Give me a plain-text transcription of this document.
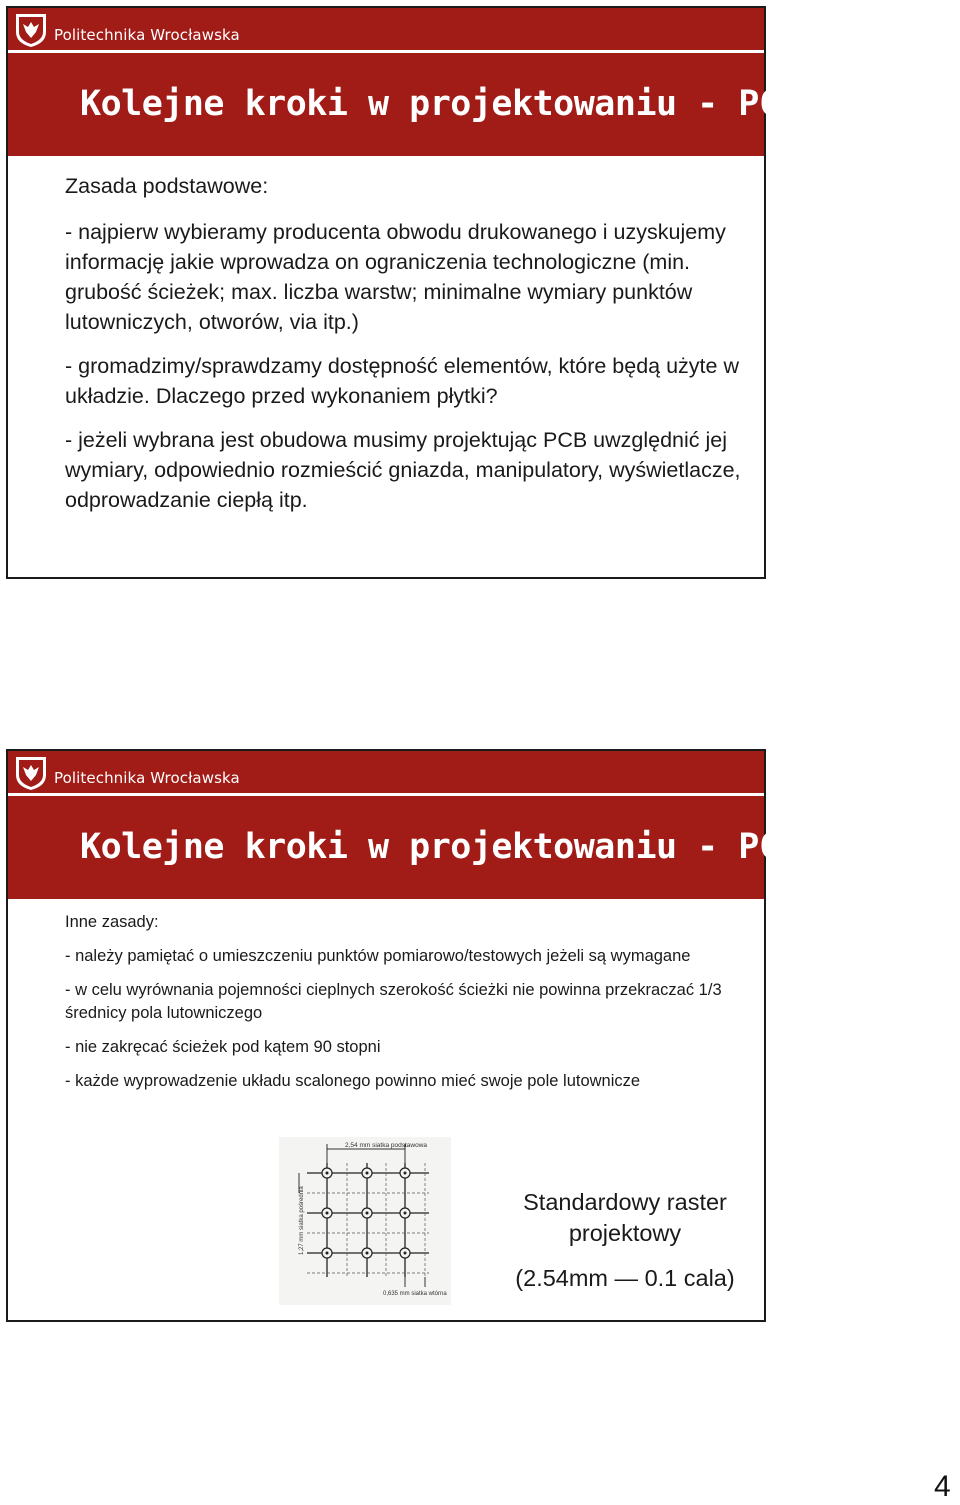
Politechnika Wrocławska
Kolejne kroki w projektowaniu - PCB

Zasada podstawowe:

- najpierw wybieramy producenta obwodu drukowanego i uzyskujemy informację jakie wprowadza on ograniczenia technologiczne (min. grubość ścieżek; max. liczba warstw; minimalne wymiary punktów lutowniczych, otworów, via itp.)

- gromadzimy/sprawdzamy dostępność elementów, które będą użyte w układzie. Dlaczego przed wykonaniem płytki?

- jeżeli wybrana jest obudowa musimy projektując PCB uwzględnić jej wymiary, odpowiednio rozmieścić gniazda, manipulatory, wyświetlacze, odprowadzanie ciepłą itp.

Politechnika Wrocławska
Kolejne kroki w projektowaniu - PCB

Inne zasady:

- należy pamiętać o umieszczeniu punktów pomiarowo/testowych jeżeli są wymagane

- w celu wyrównania pojemności cieplnych szerokość ścieżki nie powinna przekraczać 1/3 średnicy pola lutowniczego

- nie zakręcać ścieżek pod kątem 90 stopni

- każde wyprowadzenie układu scalonego powinno mieć swoje pole lutownicze

2,54 mm siatka podstawowa
1,27 mm siatka pośrednia
0,635 mm siatka wtórna
Standardowy raster projektowy
(2.54mm — 0.1 cala)
4
